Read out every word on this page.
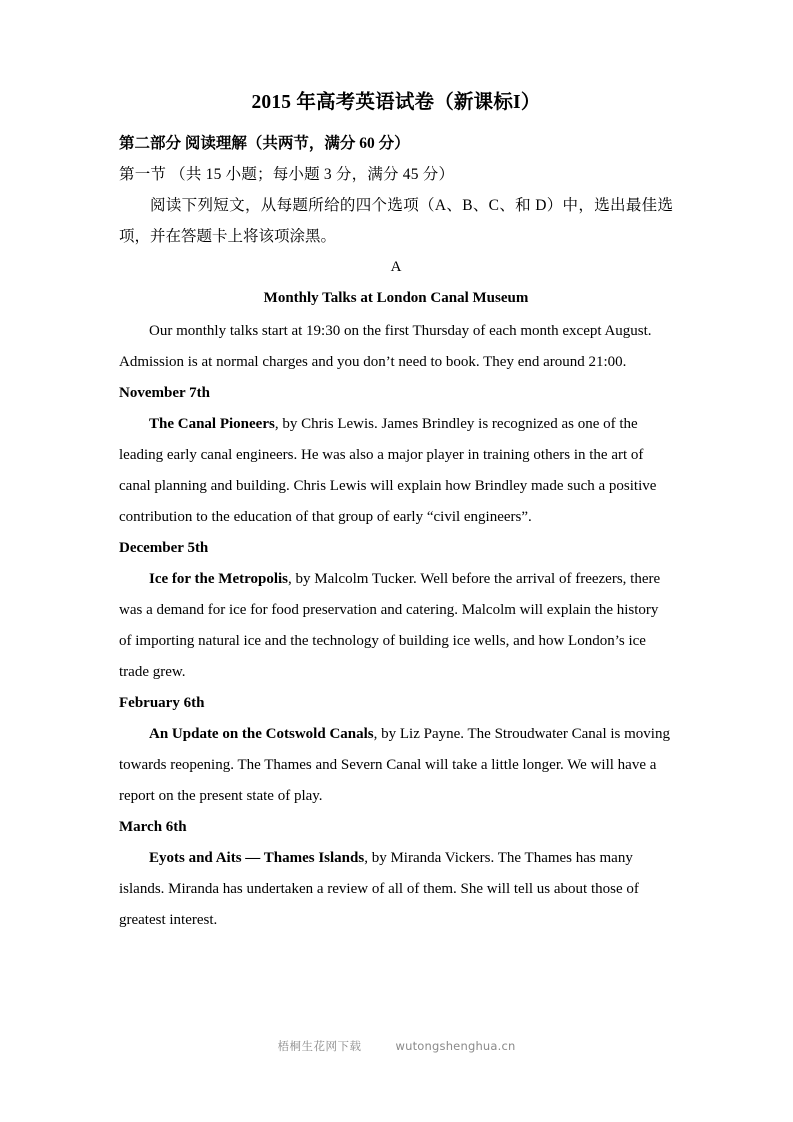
2015 年高考英语试卷（新课标I）

第二部分 阅读理解（共两节，满分 60 分）

第一节 （共 15 小题；每小题 3 分，满分 45 分）

阅读下列短文，从每题所给的四个选项（A、B、C、和 D）中，选出最佳选项，并在答题卡上将该项涂黑。

A

Monthly Talks at London Canal Museum

Our monthly talks start at 19:30 on the first Thursday of each month except August. Admission is at normal charges and you don’t need to book. They end around 21:00.

November 7th

The Canal Pioneers, by Chris Lewis. James Brindley is recognized as one of the leading early canal engineers. He was also a major player in training others in the art of canal planning and building. Chris Lewis will explain how Brindley made such a positive contribution to the education of that group of early “civil engineers”.

December 5th

Ice for the Metropolis, by Malcolm Tucker. Well before the arrival of freezers, there was a demand for ice for food preservation and catering. Malcolm will explain the history of importing natural ice and the technology of building ice wells, and how London’s ice trade grew.

February 6th

An Update on the Cotswold Canals, by Liz Payne. The Stroudwater Canal is moving towards reopening. The Thames and Severn Canal will take a little longer. We will have a report on the present state of play.

March 6th

Eyots and Aits — Thames Islands, by Miranda Vickers. The Thames has many islands. Miranda has undertaken a review of all of them. She will tell us about those of greatest interest.

梧桐生花网下载	wutongshenghua.cn
